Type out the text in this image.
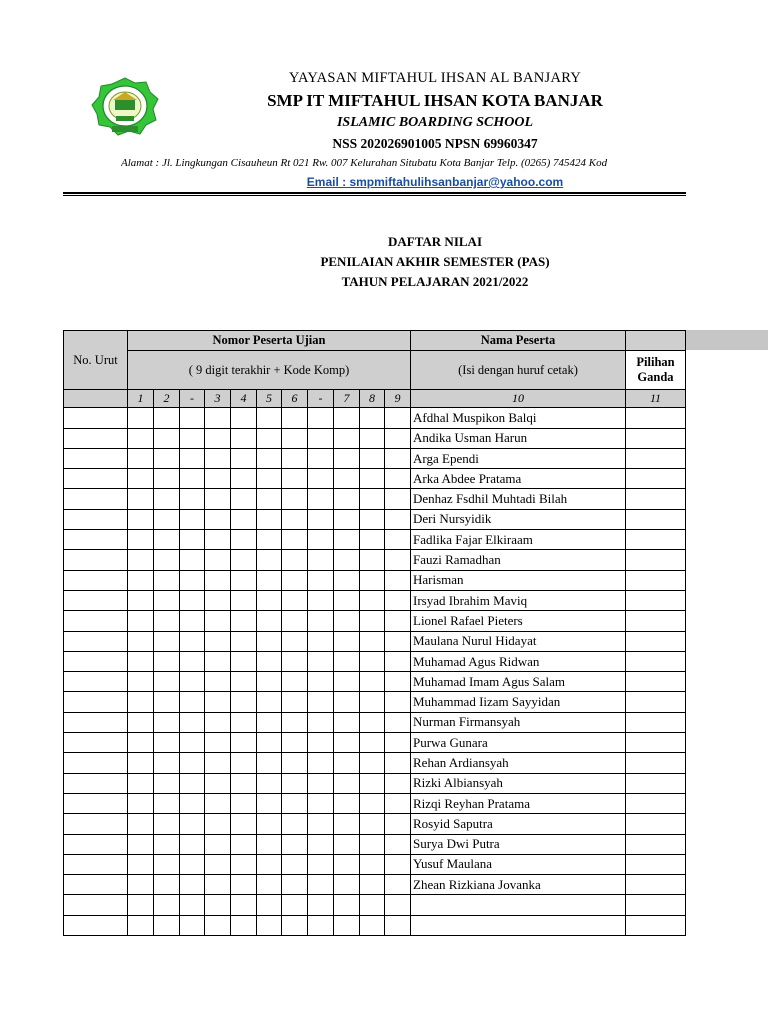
YAYASAN MIFTAHUL IHSAN AL BANJARY
SMP IT MIFTAHUL IHSAN KOTA BANJAR
ISLAMIC BOARDING SCHOOL
NSS 202026901005 NPSN 69960347
Alamat : Jl. Lingkungan Cisauheun Rt 021 Rw. 007 Kelurahan Situbatu Kota Banjar Telp. (0265) 745424 Kod
Email : smpmiftahulihsanbanjar@yahoo.com
DAFTAR NILAI
PENILAIAN AKHIR SEMESTER (PAS)
TAHUN PELAJARAN 2021/2022
No. Urut	Nomor Peserta Ujian											Nama Peserta	
	( 9 digit terakhir + Kode Komp)											(Isi dengan huruf cetak)	Pilihan Ganda
	1	2	-	3	4	5	6	-	7	8	9	10	11
												Afdhal Muspikon Balqi	
												Andika Usman Harun	
												Arga Ependi	
												Arka Abdee Pratama	
												Denhaz Fsdhil Muhtadi Bilah	
												Deri Nursyidik	
												Fadlika Fajar Elkiraam	
												Fauzi Ramadhan	
												Harisman	
												Irsyad Ibrahim Maviq	
												Lionel Rafael Pieters	
												Maulana Nurul Hidayat	
												Muhamad Agus Ridwan	
												Muhamad Imam Agus Salam	
												Muhammad Iizam Sayyidan	
												Nurman Firmansyah	
												Purwa Gunara	
												Rehan Ardiansyah	
												Rizki Albiansyah	
												Rizqi Reyhan Pratama	
												Rosyid Saputra	
												Surya Dwi Putra	
												Yusuf Maulana	
												Zhean Rizkiana Jovanka	
